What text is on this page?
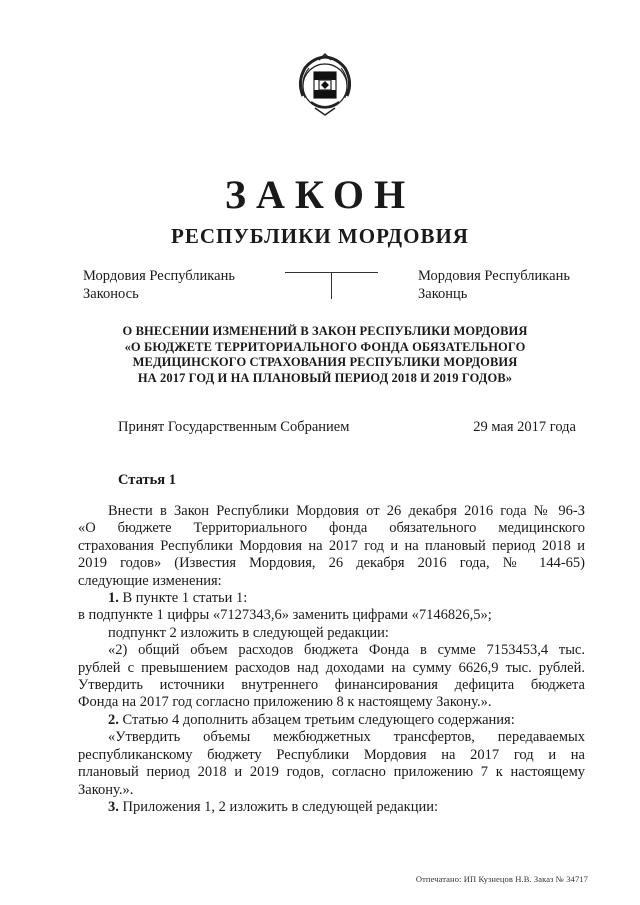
ЗАКОН
РЕСПУБЛИКИ МОРДОВИЯ
Мордовия Республикань
Законось
Мордовия Республикань
Законць
О ВНЕСЕНИИ ИЗМЕНЕНИЙ В ЗАКОН РЕСПУБЛИКИ МОРДОВИЯ
«О БЮДЖЕТЕ ТЕРРИТОРИАЛЬНОГО ФОНДА ОБЯЗАТЕЛЬНОГО
МЕДИЦИНСКОГО СТРАХОВАНИЯ РЕСПУБЛИКИ МОРДОВИЯ
НА 2017 ГОД И НА ПЛАНОВЫЙ ПЕРИОД 2018 И 2019 ГОДОВ»
Принят Государственным Собранием	29 мая 2017 года
Статья 1

Внести в Закон Республики Мордовия от 26 декабря 2016 года № 96-З

«О бюджете Территориального фонда обязательного медицинского

страхования Республики Мордовия на 2017 год и на плановый период 2018 и

2019 годов» (Известия Мордовия, 26 декабря 2016 года, № 144-65)

следующие изменения:

1. В пункте 1 статьи 1:

в подпункте 1 цифры «7127343,6» заменить цифрами «7146826,5»;

подпункт 2 изложить в следующей редакции:

«2) общий объем расходов бюджета Фонда в сумме 7153453,4 тыс.

рублей с превышением расходов над доходами на сумму 6626,9 тыс. рублей.

Утвердить источники внутреннего финансирования дефицита бюджета

Фонда на 2017 год согласно приложению 8 к настоящему Закону.».

2. Статью 4 дополнить абзацем третьим следующего содержания:

«Утвердить объемы межбюджетных трансфертов, передаваемых

республиканскому бюджету Республики Мордовия на 2017 год и на

плановый период 2018 и 2019 годов, согласно приложению 7 к настоящему

Закону.».

3. Приложения 1, 2 изложить в следующей редакции:

Отпечатано: ИП Кузнецов Н.В. Заказ № 34717
